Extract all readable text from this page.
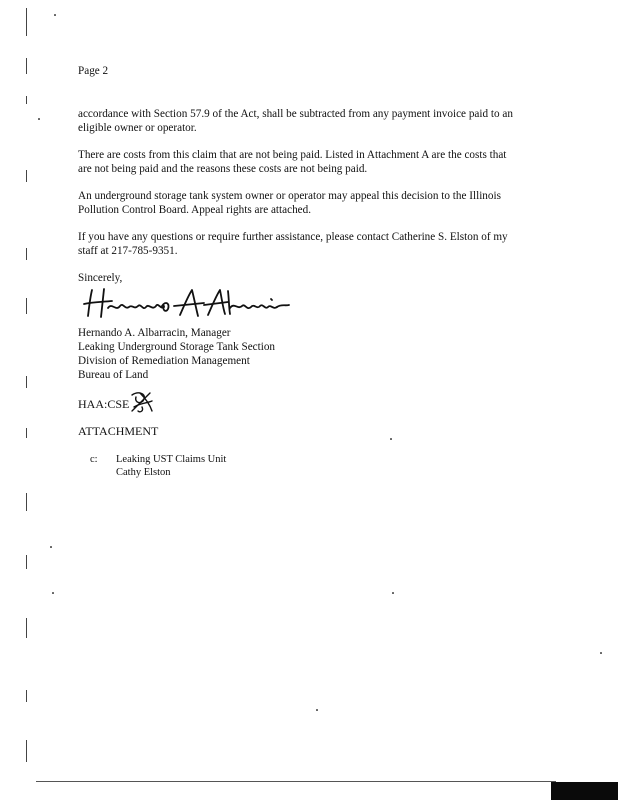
Page 2

accordance with Section 57.9 of the Act, shall be subtracted from any payment invoice paid to an

eligible owner or operator.

There are costs from this claim that are not being paid. Listed in Attachment A are the costs that

are not being paid and the reasons these costs are not being paid.

An underground storage tank system owner or operator may appeal this decision to the Illinois

Pollution Control Board. Appeal rights are attached.

If you have any questions or require further assistance, please contact Catherine S. Elston of my

staff at 217-785-9351.

Sincerely,

Hernando A. Albarracin, Manager

Leaking Underground Storage Tank Section

Division of Remediation Management

Bureau of Land

HAA:CSE

ATTACHMENT

c: Leaking UST Claims Unit

Cathy Elston
